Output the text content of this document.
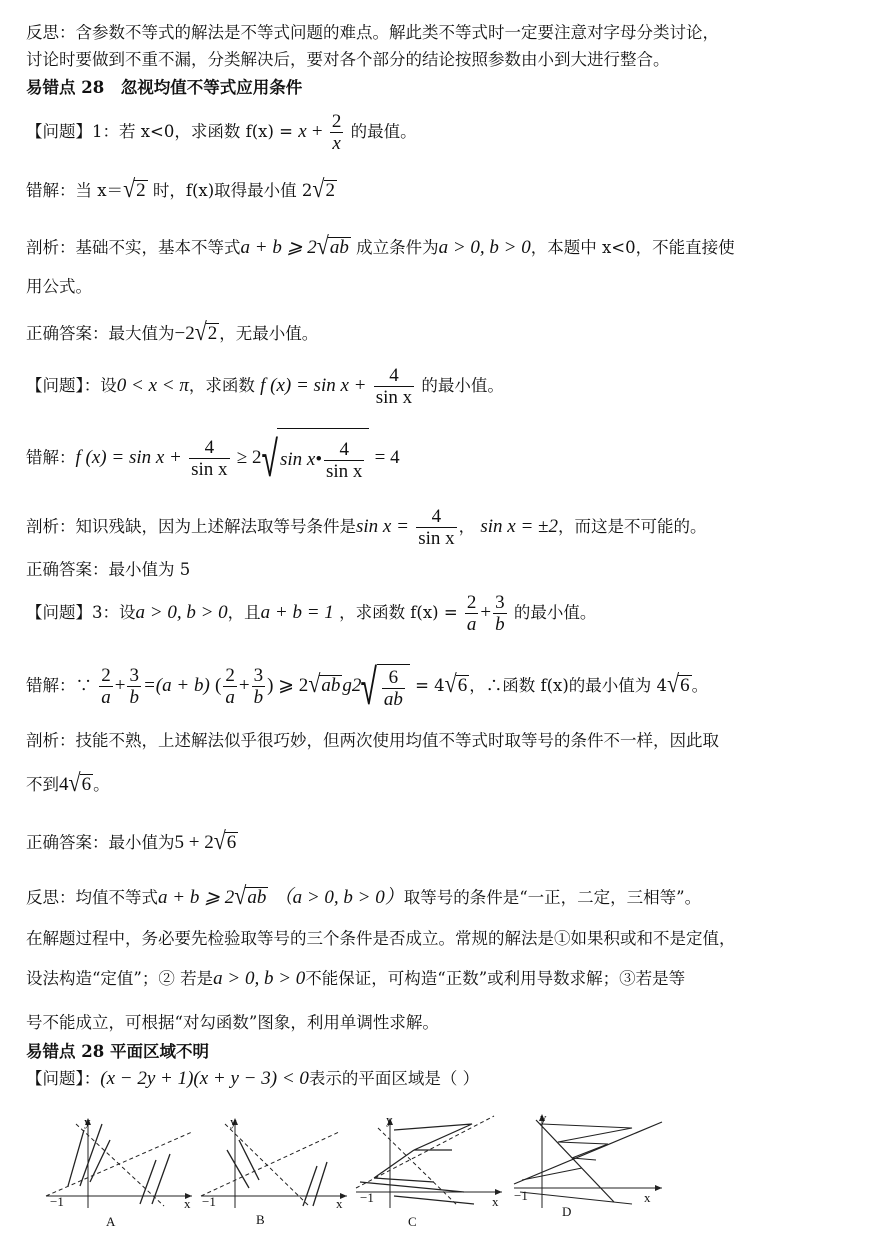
反思：含参数不等式的解法是不等式问题的难点。解此类不等式时一定要注意对字母分类讨论，
讨论时要做到不重不漏，分类解决后，要对各个部分的结论按照参数由小到大进行整合。
易错点 28　忽视均值不等式应用条件
【问题】1：若 x<0，求函数 $f(x) = x + \frac{2}{x}$ 的最值。
错解：当 x＝√2 时，f(x)取得最小值 2√2
剖析：基础不实，基本不等式a + b ⩾ 2√ab 成立条件为a > 0, b > 0，本题中 x<0，不能直接使
用公式。
正确答案：最大值为−2√2 ，无最小值。
【问题】：设0 < x < π，求函数 f $(x) = \sin x + \frac{4}{\text{sin x}}$ 的最小值。
错解：f $(x) = \sin x + \frac{4}{\text{sin x}} \ge 2$ √ sin x• $\frac{4}{\text{sin x}} = 4$
剖析：知识残缺，因为上述解法取等号条件是$\sin x = \frac{4}{\text{sin x}}$ ， sin x = ±2，而这是不可能的。
正确答案：最小值为 5
【问题】3：设a > 0, b > 0，且a + b = 1 ，求函数 $f(x) = \frac{2}{a} + \frac{3}{b}$ 的最小值。
错解：∵ $\frac{2}{a} + \frac{3}{b} =(a + b)$ ( $\frac{2}{a} + \frac{3}{b}$ ) ⩾ 2√ab g2 √ $\frac{6}{ab} = 4√6$ ，∴函数 f(x)的最小值为 4√6 。
剖析：技能不熟，上述解法似乎很巧妙，但两次使用均值不等式时取等号的条件不一样，因此取
不到4√6 。
正确答案：最小值为5 + 2√6
反思：均值不等式a + b ⩾ 2√ab （a > 0, b > 0）取等号的条件是“一正，二定，三相等”。
在解题过程中，务必要先检验取等号的三个条件是否成立。常规的解法是①如果积或和不是定值，
设法构造“定值”；② 若是a > 0, b > 0不能保证，可构造“正数”或利用导数求解；③若是等
号不能成立，可根据“对勾函数”图象，利用单调性求解。
易错点 28 平面区域不明
【问题】：(x − 2y + 1)(x + y − 3) < 0表示的平面区域是（ ）
y
−1	x
A
y
−1	x
B
y
−1	x
C
y
−1	x
D
